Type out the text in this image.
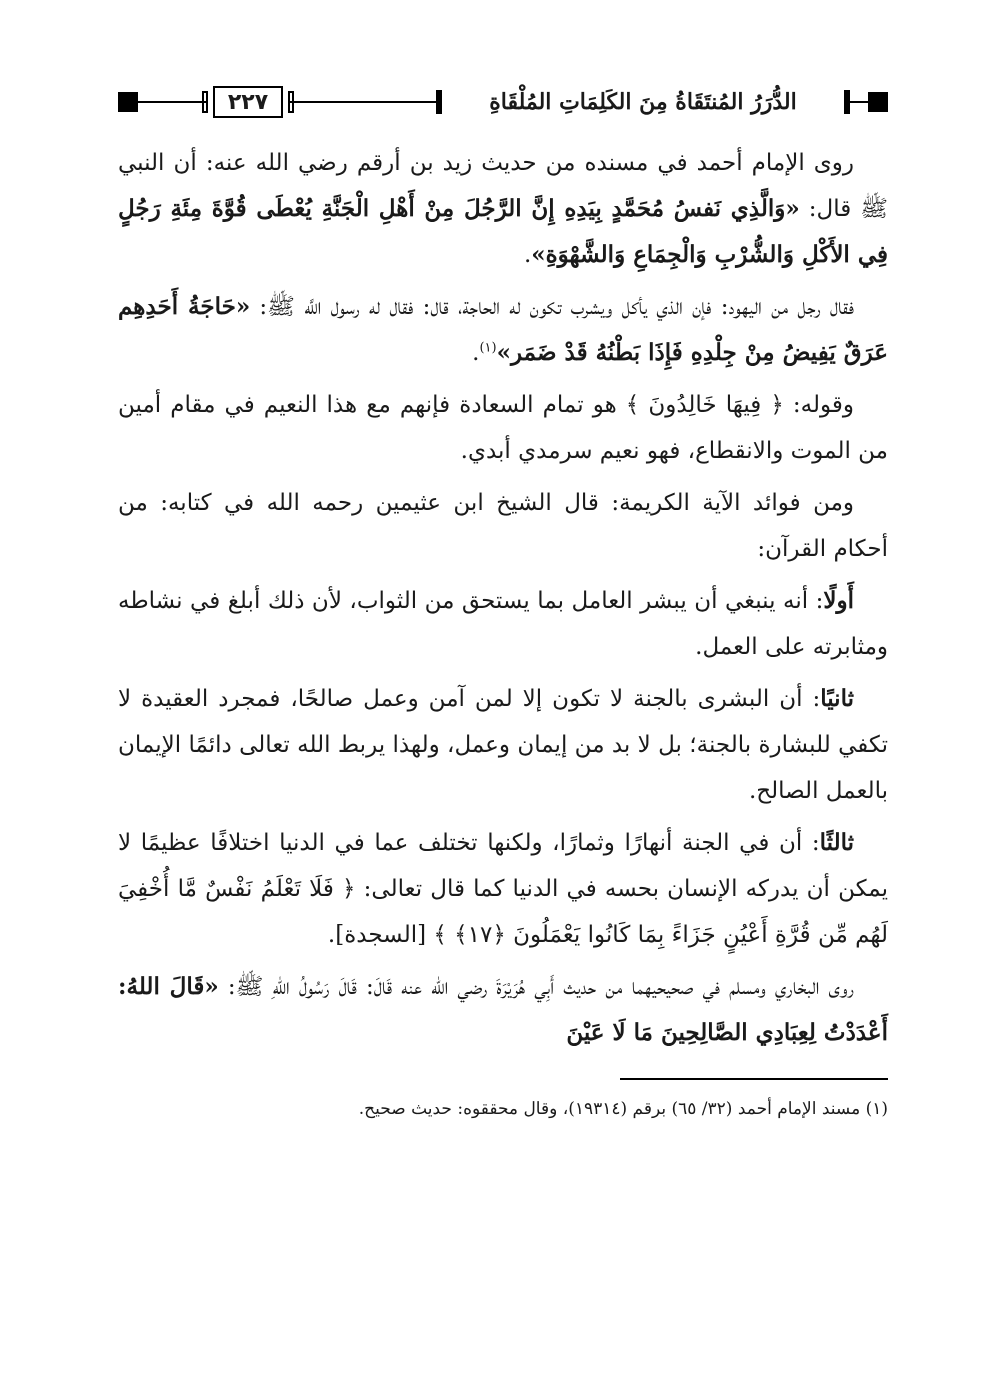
٢٢٧	الدُّرَرُ المُنتَقَاةُ مِنَ الكَلِمَاتِ المُلْقَاةِ

روى الإمام أحمد في مسنده من حديث زيد بن أرقم رضي الله عنه: أن النبي ﷺ قال: «وَالَّذِي نَفسُ مُحَمَّدٍ بِيَدِهِ إِنَّ الرَّجُلَ مِنْ أَهْلِ الْجَنَّةِ يُعْطَى قُوَّةَ مِئَةِ رَجُلٍ فِي الأَكْلِ وَالشُّرْبِ وَالْجِمَاعِ وَالشَّهْوَةِ».

فقال رجل من اليهود: فإن الذي يأكل ويشرب تكون له الحاجة، قال: فقال له رسول اللَّه ﷺ: «حَاجَةُ أَحَدِهِم عَرَقٌ يَفِيضُ مِنْ جِلْدِهِ فَإِذَا بَطْنُهُ قَدْ ضَمَر»$^{(١)}$.

وقوله: ﴿ فِيهَا خَالِدُونَ ﴾ هو تمام السعادة فإنهم مع هذا النعيم في مقام أمين من الموت والانقطاع، فهو نعيم سرمدي أبدي.

ومن فوائد الآية الكريمة: قال الشيخ ابن عثيمين رحمه الله في كتابه: من أحكام القرآن:

أَولًا: أنه ينبغي أن يبشر العامل بما يستحق من الثواب، لأن ذلك أبلغ في نشاطه ومثابرته على العمل.

ثانيًا: أن البشرى بالجنة لا تكون إلا لمن آمن وعمل صالحًا، فمجرد العقيدة لا تكفي للبشارة بالجنة؛ بل لا بد من إيمان وعمل، ولهذا يربط الله تعالى دائمًا الإيمان بالعمل الصالح.

ثالثًا: أن في الجنة أنهارًا وثمارًا، ولكنها تختلف عما في الدنيا اختلافًا عظيمًا لا يمكن أن يدركه الإنسان بحسه في الدنيا كما قال تعالى: ﴿ فَلَا تَعْلَمُ نَفْسٌ مَّا أُخْفِيَ لَهُم مِّن قُرَّةِ أَعْيُنٍ جَزَاءً بِمَا كَانُوا يَعْمَلُونَ ﴿١٧﴾ ﴾ [السجدة].

روى البخاري ومسلم في صحيحيهما من حديث أَبِي هُرَيْرَةَ رضي الله عنه قَالَ: قَالَ رَسُولُ اللهِ ﷺ: «قَالَ اللهُ: أَعْدَدْتُ لِعِبَادِي الصَّالِحِينَ مَا لَا عَيْنَ

(١) مسند الإمام أحمد (٣٢/ ٦٥) برقم (١٩٣١٤)، وقال محققوه: حديث صحيح.
